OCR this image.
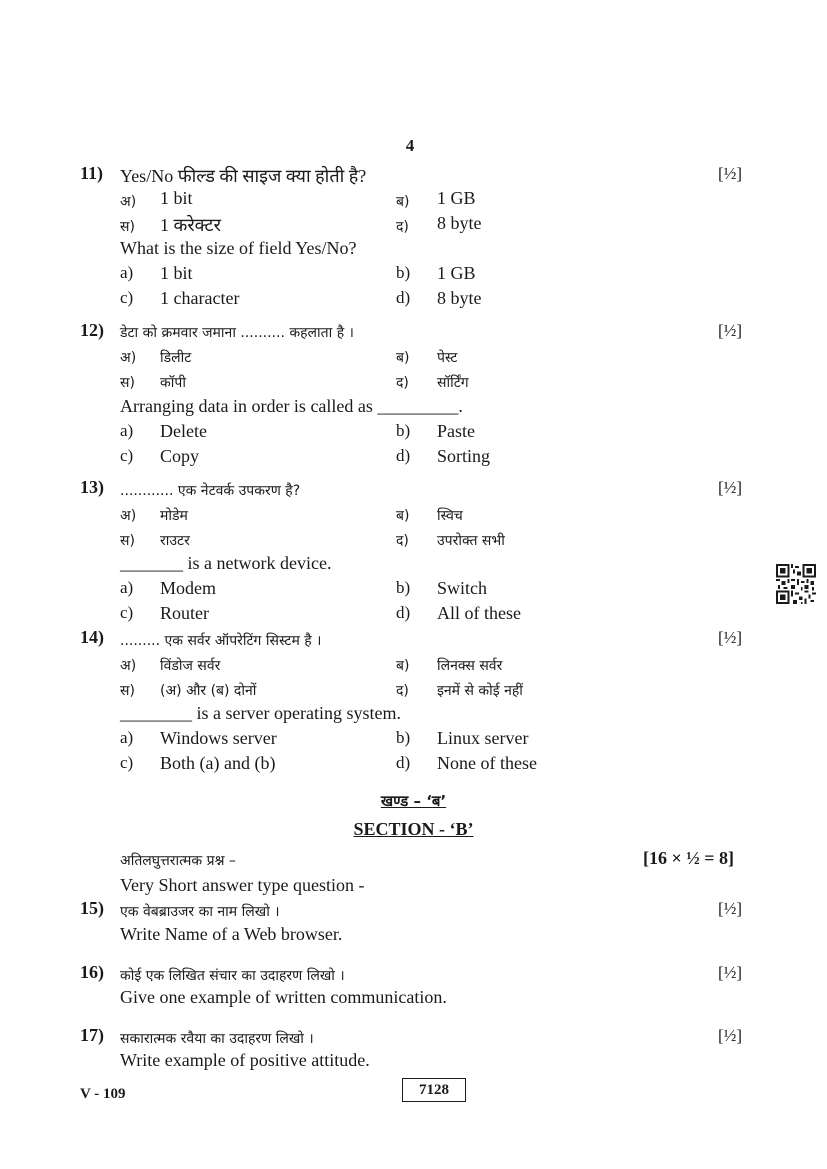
4
11) Yes/No फील्ड की साइज क्या होती है?	[½]
अ) 1 bit	ब) 1 GB
स) 1 करेक्टर	द) 8 byte
What is the size of field Yes/No?
a) 1 bit	b) 1 GB
c) 1 character	d) 8 byte
12) डेटा को क्रमवार जमाना .......... कहलाता है ।	[½]
अ) डिलीट	ब) पेस्ट
स) कॉपी	द) सॉर्टिंग
Arranging data in order is called as _________.
a) Delete	b) Paste
c) Copy	d) Sorting
13) ............ एक नेटवर्क उपकरण है?	[½]
अ) मोडेम	ब) स्विच
स) राउटर	द) उपरोक्त सभी
_______ is a network device.
a) Modem	b) Switch
c) Router	d) All of these
14) ......... एक सर्वर ऑपरेटिंग सिस्टम है ।	[½]
अ) विंडोज सर्वर	ब) लिनक्स सर्वर
स) (अ) और (ब) दोनों	द) इनमें से कोई नहीं
________ is a server operating system.
a) Windows server	b) Linux server
c) Both (a) and (b)	d) None of these
खण्ड – ‘ब’
SECTION - ‘B’
अतिलघुत्तरात्मक प्रश्न –	[16 × ½ = 8]
Very Short answer type question -
15) एक वेबब्राउजर का नाम लिखो ।	[½]
Write Name of a Web browser.
16) कोई एक लिखित संचार का उदाहरण लिखो ।	[½]
Give one example of written communication.
17) सकारात्मक रवैया का उदाहरण लिखो ।	[½]
Write example of positive attitude.
V - 109	7128
